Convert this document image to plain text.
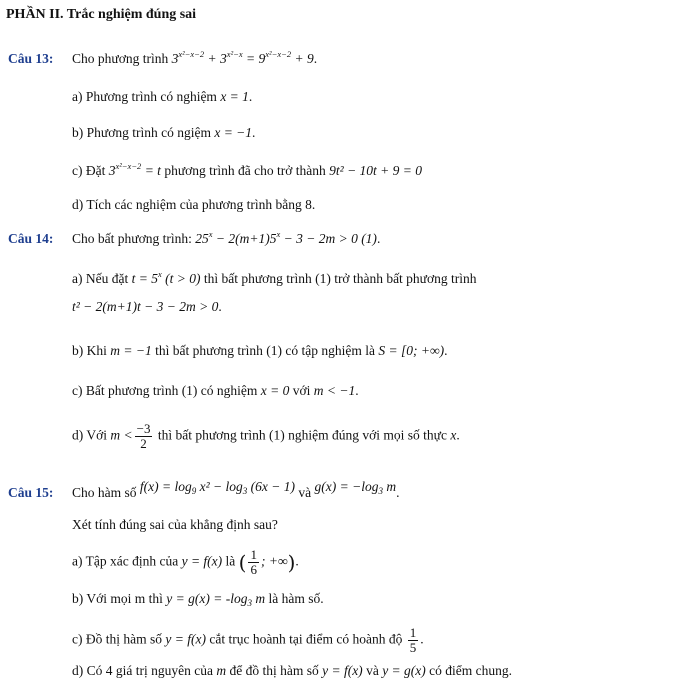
PHẦN II. Trắc nghiệm đúng sai
Câu 13: Cho phương trình $3^{x^2-x-2} + 3^{x^2-x} = 9^{x^2-x-2} + 9$.
a) Phương trình có nghiệm x = 1.
b) Phương trình có ngiệm x = −1.
c) Đặt $3^{x^2-x-2} = t$ phương trình đã cho trở thành 9t² − 10t + 9 = 0
d) Tích các nghiệm của phương trình bằng 8.
Câu 14: Cho bất phương trình: $25^x - 2(m+1)5^x - 3 - 2m > 0$ (1).
a) Nếu đặt $t = 5^x$ (t > 0) thì bất phương trình (1) trở thành bất phương trình
t² − 2(m+1)t − 3 − 2m > 0.
b) Khi m = −1 thì bất phương trình (1) có tập nghiệm là S = [0; +∞).
c) Bất phương trình (1) có nghiệm x = 0 với m < −1.
d) Với $m < \frac{-3}{2}$ thì bất phương trình (1) nghiệm đúng với mọi số thực x.
Câu 15: Cho hàm số $f(x) = \log_9 x^2 - \log_3 (6x - 1)$ và $g(x) = -\log_3$ m.
Xét tính đúng sai của khẳng định sau?
a) Tập xác định của y = f(x) là ( $\frac{1}{6}$ ; +∞).
b) Với mọi m thì $y = g(x) = -\log_3$ m là hàm số.
c) Đồ thị hàm số y = f(x) cắt trục hoành tại điểm có hoành độ $\frac{1}{5}$ .
d) Có 4 giá trị nguyên của m để đồ thị hàm số y = f(x) và y = g(x) có điểm chung.
